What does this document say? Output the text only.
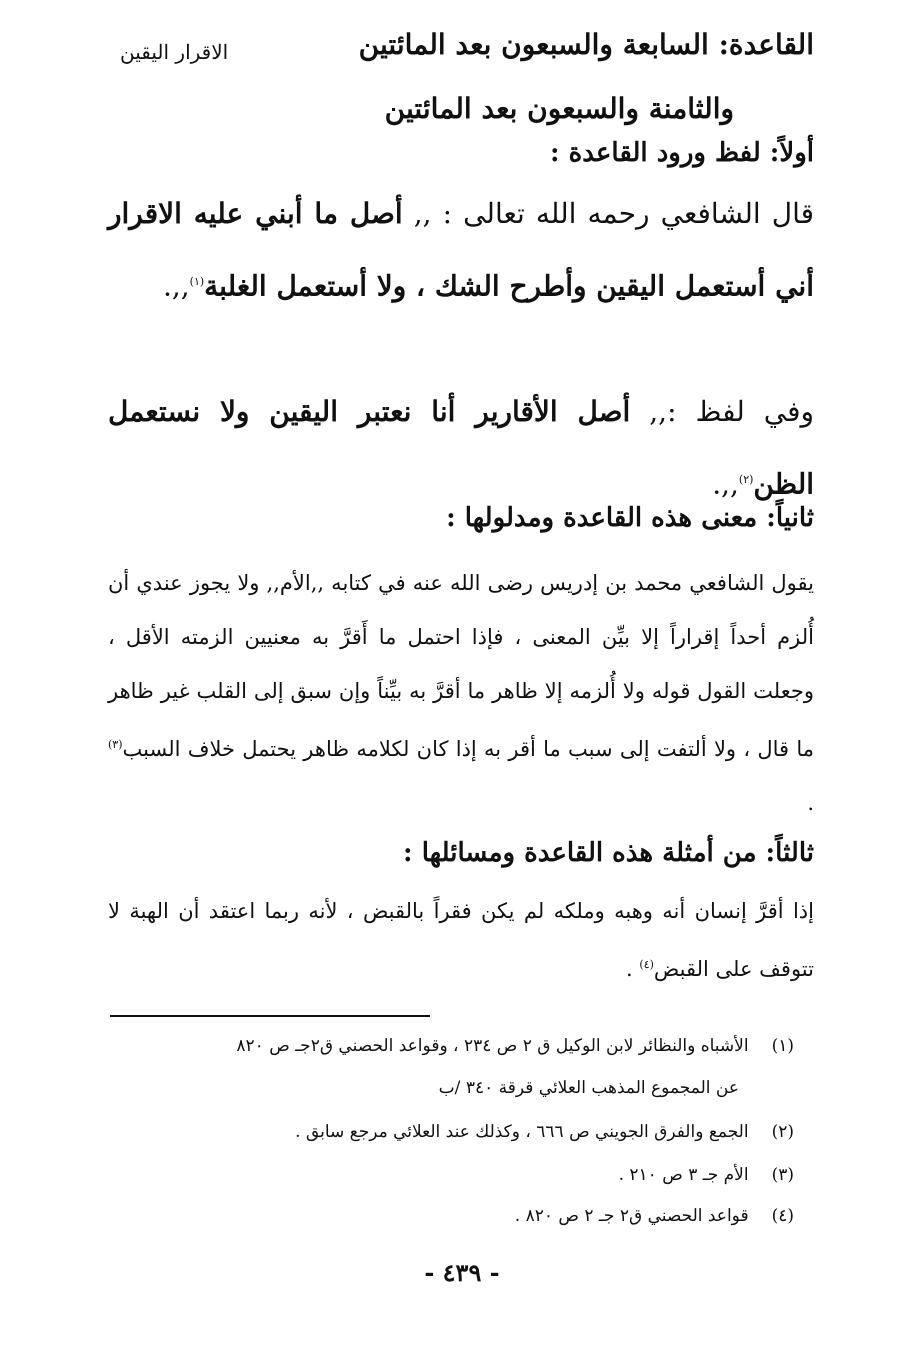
القاعدة: السابعة والسبعون بعد المائتين
الاقرار اليقين
والثامنة والسبعون بعد المائتين
أولاً: لفظ ورود القاعدة :
قال الشافعي رحمه الله تعالى : ,, أصل ما أبني عليه الاقرار أني أستعمل اليقين وأطرح الشك ، ولا أستعمل الغلبة$^{(١)}$,,.
وفي لفظ :,, أصل الأقارير أنا نعتبر اليقين ولا نستعمل الظن$^{(٢)}$,,.
ثانياً: معنى هذه القاعدة ومدلولها :
يقول الشافعي محمد بن إدريس رضى الله عنه في كتابه ,,الأم,, ولا يجوز عندي أن أُلزم أحداً إقراراً إلا بيِّن المعنى ، فإذا احتمل ما أَقرَّ به معنيين الزمته الأقل ، وجعلت القول قوله ولا أُلزمه إلا ظاهر ما أقرَّ به بيِّناً وإن سبق إلى القلب غير ظاهر ما قال ، ولا ألتفت إلى سبب ما أقر به إذا كان لكلامه ظاهر يحتمل خلاف السبب$^{(٣)}$ .
ثالثاً: من أمثلة هذه القاعدة ومسائلها :
إذا أقرَّ إنسان أنه وهبه وملكه لم يكن فقراً بالقبض ، لأنه ربما اعتقد أن الهبة لا تتوقف على القبض$^{(٤)}$ .
(١) الأشباه والنظائر لابن الوكيل ق ٢ ص ٢٣٤ ، وقواعد الحصني ق٢جـ ص ٨٢٠
عن المجموع المذهب العلائي قرقة ٣٤٠ /ب
(٢) الجمع والفرق الجويني ص ٦٦٦ ، وكذلك عند العلائي مرجع سابق .
(٣) الأم جـ ٣ ص ٢١٠ .
(٤) قواعد الحصني ق٢ جـ ٢ ص ٨٢٠ .
- ٤٣٩ -
